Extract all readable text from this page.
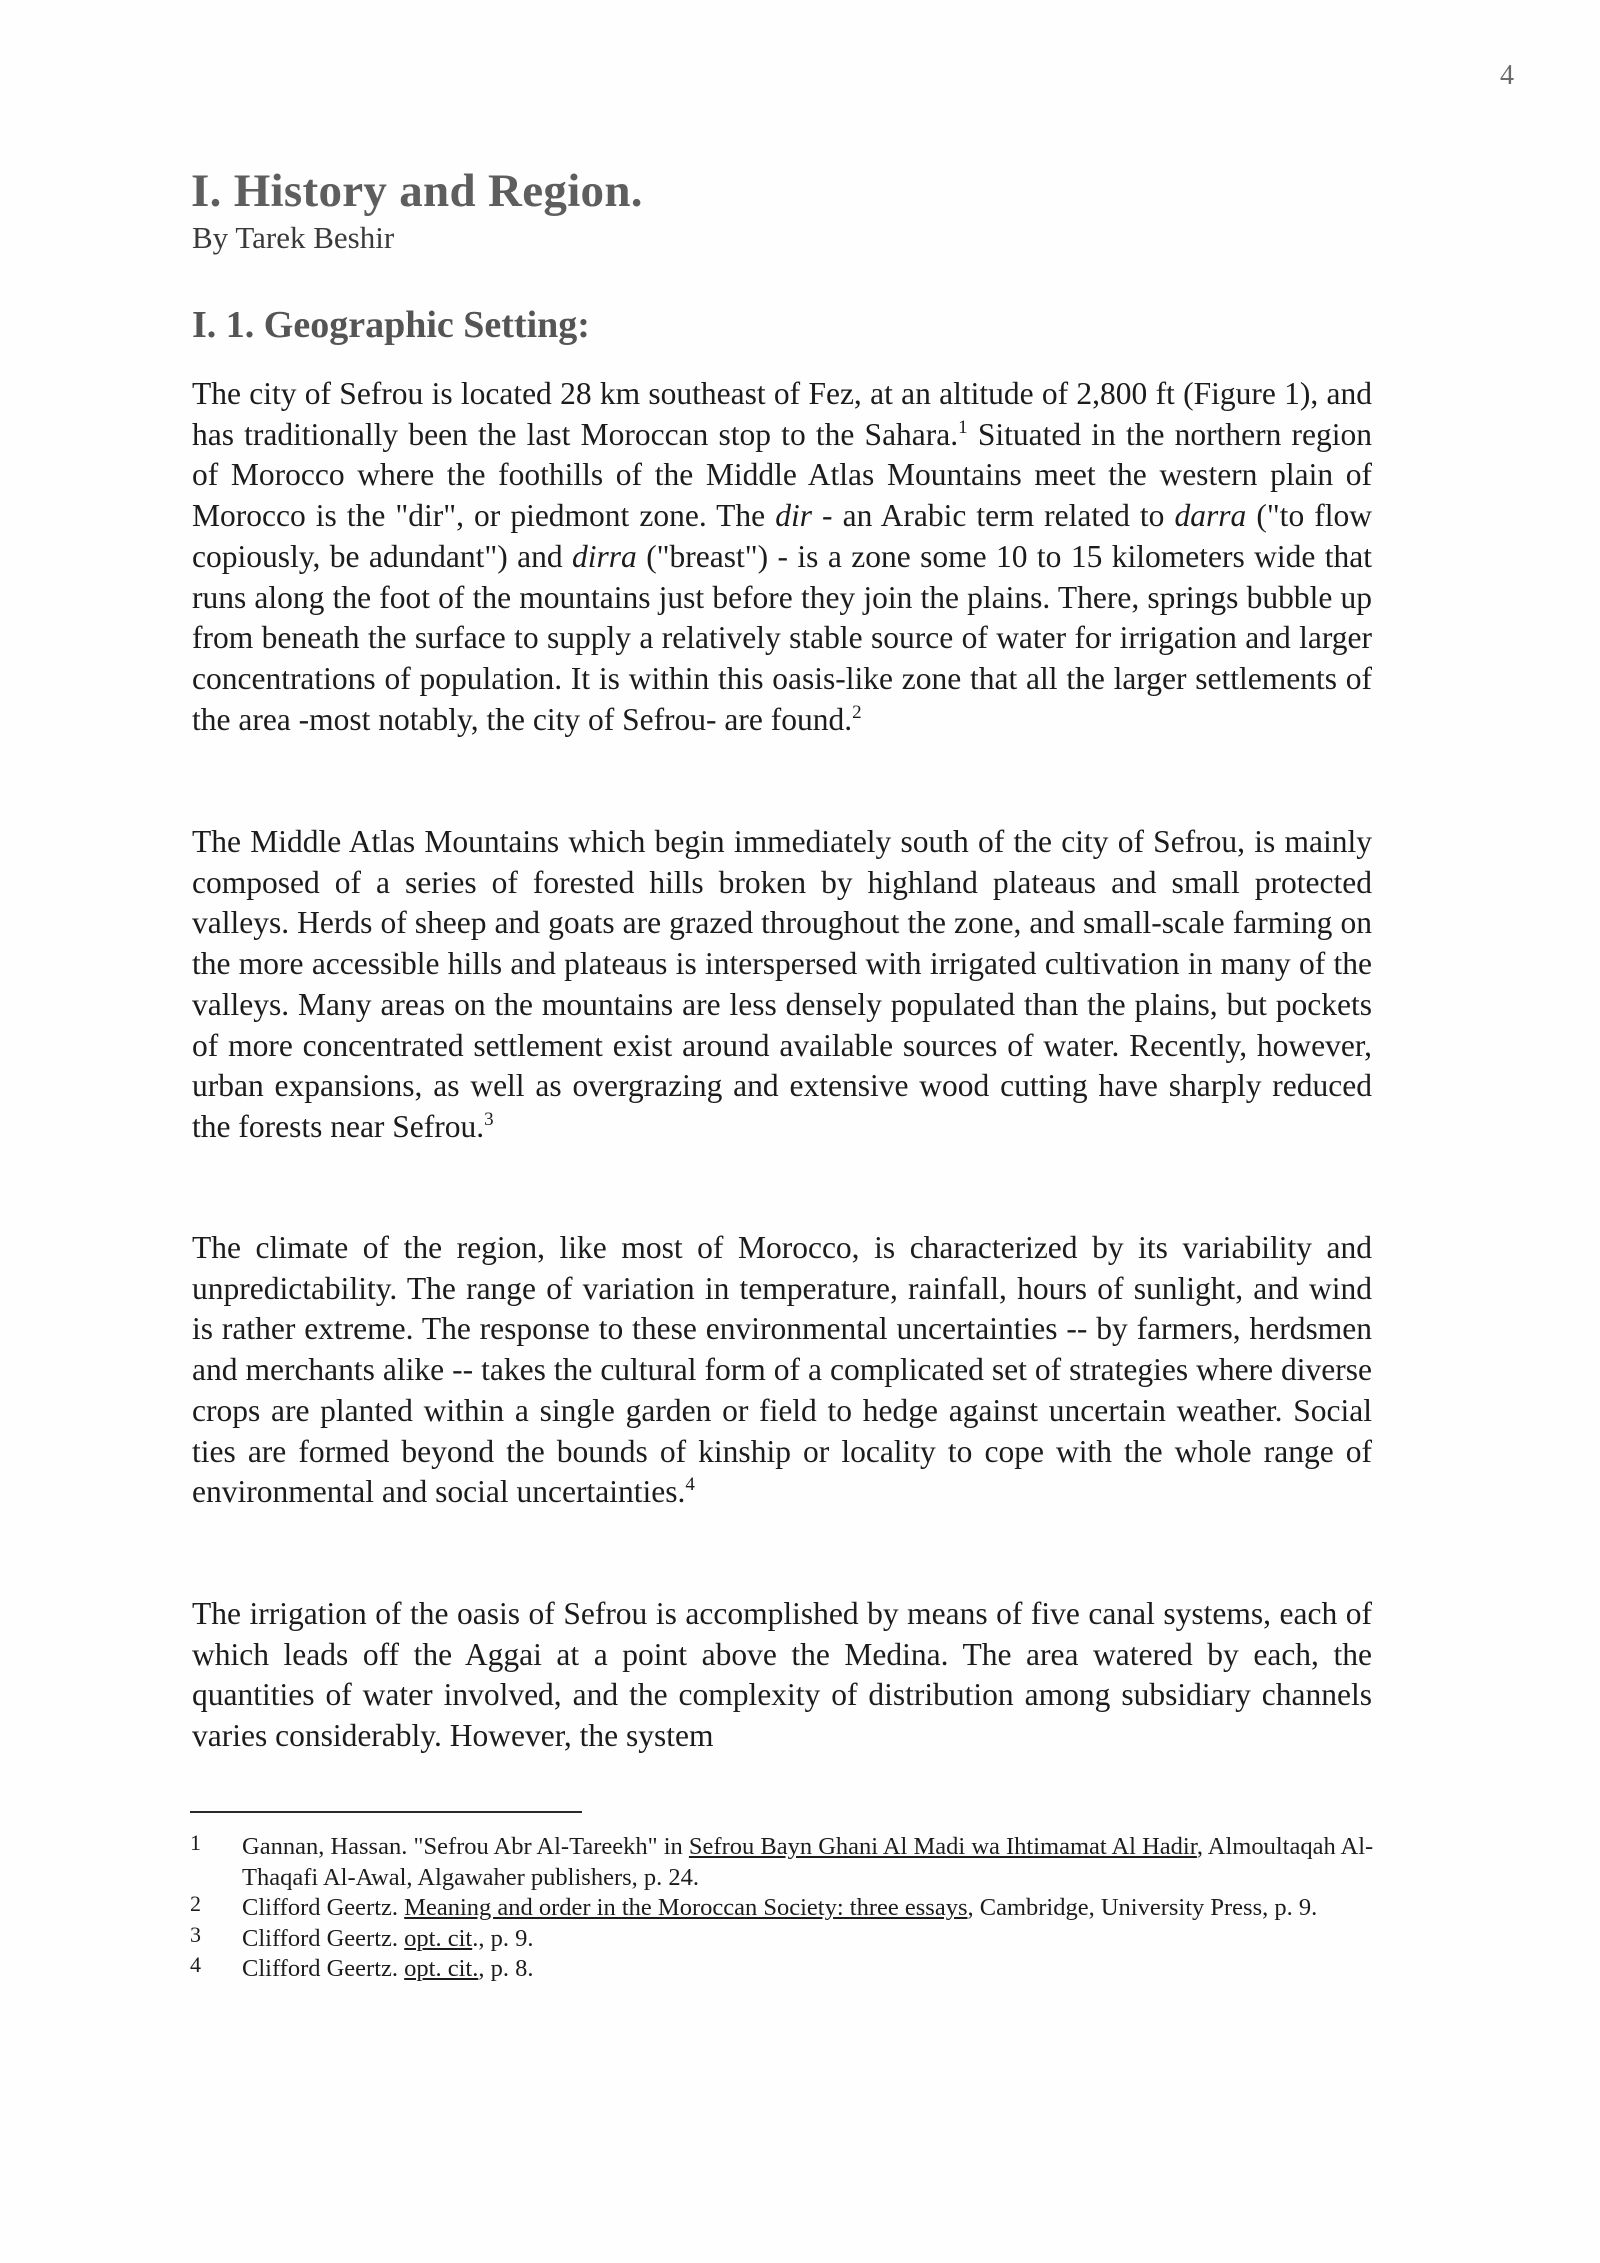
4
I. History and Region.
By Tarek Beshir
I. 1. Geographic Setting:

The city of Sefrou is located 28 km southeast of Fez, at an altitude of 2,800 ft (Figure 1), and has traditionally been the last Moroccan stop to the Sahara.$^1$ Situated in the northern region of Morocco where the foothills of the Middle Atlas Mountains meet the western plain of Morocco is the "dir", or piedmont zone. The dir - an Arabic term related to darra ("to flow copiously, be adundant") and dirra ("breast") - is a zone some 10 to 15 kilometers wide that runs along the foot of the mountains just before they join the plains. There, springs bubble up from beneath the surface to supply a relatively stable source of water for irrigation and larger concentrations of population. It is within this oasis-like zone that all the larger settlements of the area -most notably, the city of Sefrou- are found.$^2$

The Middle Atlas Mountains which begin immediately south of the city of Sefrou, is mainly composed of a series of forested hills broken by highland plateaus and small protected valleys. Herds of sheep and goats are grazed throughout the zone, and small-scale farming on the more accessible hills and plateaus is interspersed with irrigated cultivation in many of the valleys. Many areas on the mountains are less densely populated than the plains, but pockets of more concentrated settlement exist around available sources of water. Recently, however, urban expansions, as well as overgrazing and extensive wood cutting have sharply reduced the forests near Sefrou.$^3$

The climate of the region, like most of Morocco, is characterized by its variability and unpredictability. The range of variation in temperature, rainfall, hours of sunlight, and wind is rather extreme. The response to these environmental uncertainties -- by farmers, herdsmen and merchants alike -- takes the cultural form of a complicated set of strategies where diverse crops are planted within a single garden or field to hedge against uncertain weather. Social ties are formed beyond the bounds of kinship or locality to cope with the whole range of environmental and social uncertainties.$^4$

The irrigation of the oasis of Sefrou is accomplished by means of five canal systems, each of which leads off the Aggai at a point above the Medina. The area watered by each, the quantities of water involved, and the complexity of distribution among subsidiary channels varies considerably. However, the system

1	Gannan, Hassan. "Sefrou Abr Al-Tareekh" in Sefrou Bayn Ghani Al Madi wa Ihtimamat Al Hadir, Almoultaqah Al-Thaqafi Al-Awal, Algawaher publishers, p. 24.
2	Clifford Geertz. Meaning and order in the Moroccan Society: three essays, Cambridge, University Press, p. 9.
3	Clifford Geertz. opt. cit., p. 9.
4	Clifford Geertz. opt. cit., p. 8.
